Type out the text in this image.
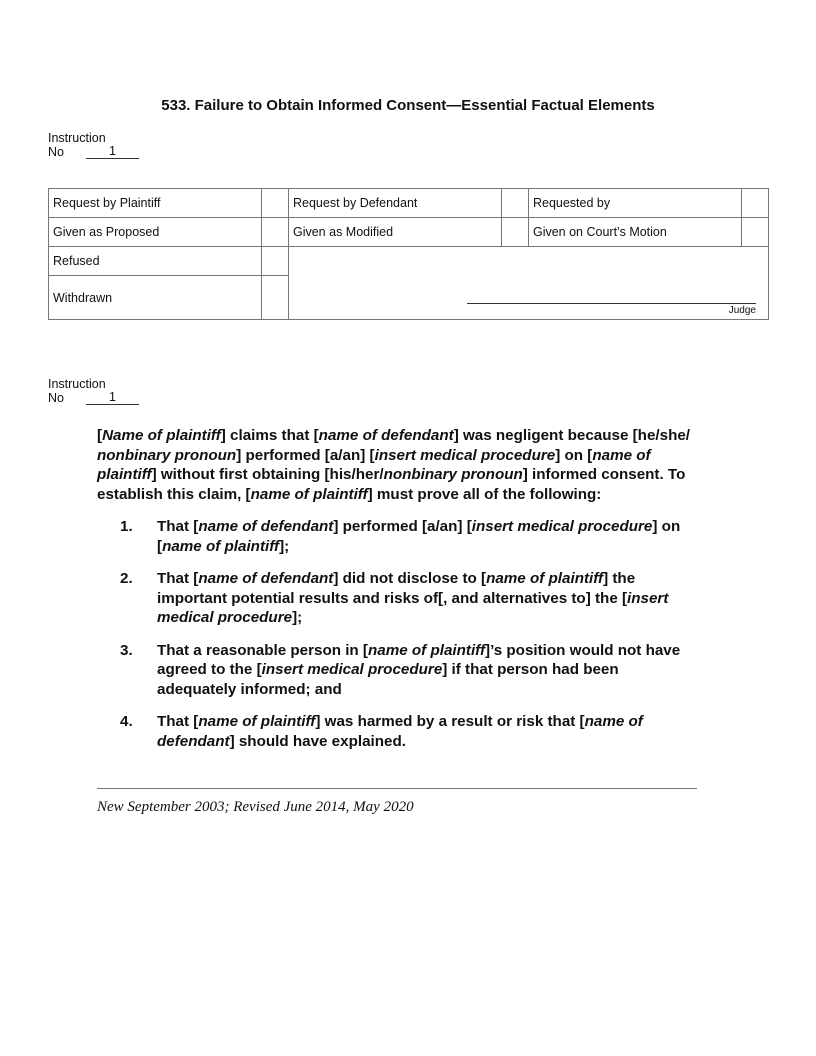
533. Failure to Obtain Informed Consent—Essential Factual Elements
Instruction
No	1
Request by Plaintiff		Request by Defendant		Requested by	
Given as Proposed		Given as Modified		Given on Court’s Motion	
Refused		Judge			

Withdrawn					
Instruction
No	1
[Name of plaintiff] claims that [name of defendant] was negligent because [he/she/
nonbinary pronoun] performed [a/an] [insert medical procedure] on [name of
plaintiff] without first obtaining [his/her/nonbinary pronoun] informed consent. To
establish this claim, [name of plaintiff] must prove all of the following:
1.	That [name of defendant] performed [a/an] [insert medical procedure] on
[name of plaintiff];
2.	That [name of defendant] did not disclose to [name of plaintiff] the
important potential results and risks of[, and alternatives to] the [insert
medical procedure];
3.	That a reasonable person in [name of plaintiff]’s position would not have
agreed to the [insert medical procedure] if that person had been
adequately informed; and
4.	That [name of plaintiff] was harmed by a result or risk that [name of
defendant] should have explained.
New September 2003; Revised June 2014, May 2020
